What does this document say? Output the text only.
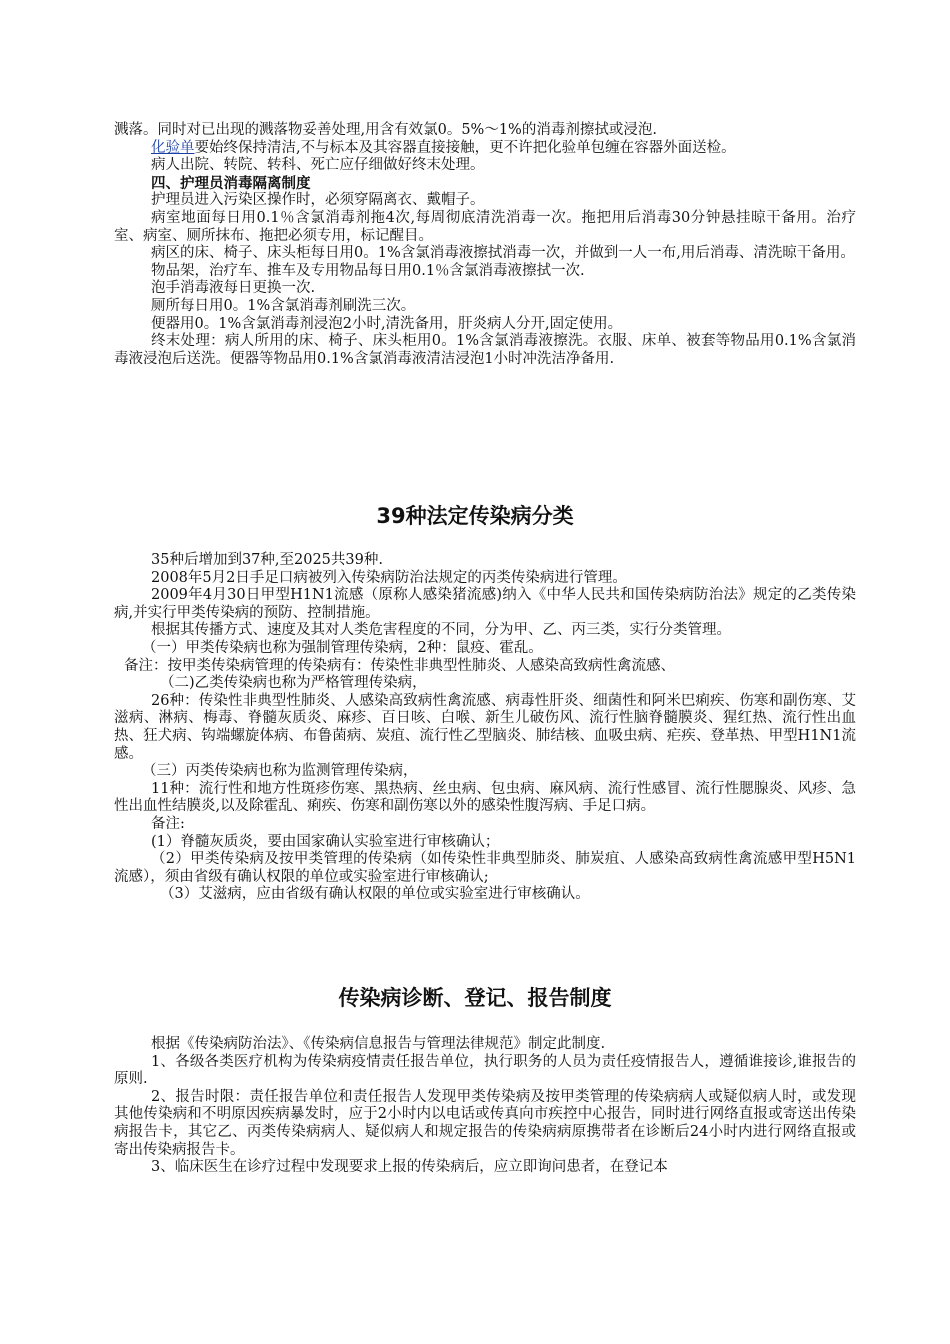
溅落。同时对已出现的溅落物妥善处理,用含有效氯0。5%～1%的消毒剂擦拭或浸泡.

化验单要始终保持清洁,不与标本及其容器直接接触，更不许把化验单包缠在容器外面送检。

病人出院、转院、转科、死亡应仔细做好终末处理。

四、护理员消毒隔离制度

护理员进入污染区操作时，必须穿隔离衣、戴帽子。

病室地面每日用0.1％含氯消毒剂拖4次,每周彻底清洗消毒一次。拖把用后消毒30分钟悬挂晾干备用。治疗室、病室、厕所抹布、拖把必须专用，标记醒目。

病区的床、椅子、床头柜每日用0。1%含氯消毒液擦拭消毒一次，并做到一人一布,用后消毒、清洗晾干备用。

物品架，治疗车、推车及专用物品每日用0.1％含氯消毒液擦拭一次.

泡手消毒液每日更换一次.

厕所每日用0。1%含氯消毒剂刷洗三次。

便器用0。1%含氯消毒剂浸泡2小时,清洗备用，肝炎病人分开,固定使用。

终末处理：病人所用的床、椅子、床头柜用0。1%含氯消毒液擦洗。衣服、床单、被套等物品用0.1%含氯消毒液浸泡后送洗。便器等物品用0.1%含氯消毒液清洁浸泡1小时冲洗洁净备用.

39种法定传染病分类

35种后增加到37种,至2025共39种.

2008年5月2日手足口病被列入传染病防治法规定的丙类传染病进行管理。

2009年4月30日甲型H1N1流感（原称人感染猪流感)纳入《中华人民共和国传染病防治法》规定的乙类传染病,并实行甲类传染病的预防、控制措施。

根据其传播方式、速度及其对人类危害程度的不同，分为甲、乙、丙三类，实行分类管理。

（一）甲类传染病也称为强制管理传染病，2种：鼠疫、霍乱。

备注：按甲类传染病管理的传染病有：传染性非典型性肺炎、人感染高致病性禽流感、

（二)乙类传染病也称为严格管理传染病，

26种：传染性非典型性肺炎、人感染高致病性禽流感、病毒性肝炎、细菌性和阿米巴痢疾、伤寒和副伤寒、艾滋病、淋病、梅毒、脊髓灰质炎、麻疹、百日咳、白喉、新生儿破伤风、流行性脑脊髓膜炎、猩红热、流行性出血热、狂犬病、钩端螺旋体病、布鲁菌病、炭疽、流行性乙型脑炎、肺结核、血吸虫病、疟疾、登革热、甲型H1N1流感。

（三）丙类传染病也称为监测管理传染病，

11种：流行性和地方性斑疹伤寒、黑热病、丝虫病、包虫病、麻风病、流行性感冒、流行性腮腺炎、风疹、急性出血性结膜炎,以及除霍乱、痢疾、伤寒和副伤寒以外的感染性腹泻病、手足口病。

备注:

(1）脊髓灰质炎，要由国家确认实验室进行审核确认；

（2）甲类传染病及按甲类管理的传染病（如传染性非典型肺炎、肺炭疽、人感染高致病性禽流感甲型H5N1流感），须由省级有确认权限的单位或实验室进行审核确认;

（3）艾滋病，应由省级有确认权限的单位或实验室进行审核确认。

传染病诊断、登记、报告制度

根据《传染病防治法》、《传染病信息报告与管理法律规范》制定此制度.

1、各级各类医疗机构为传染病疫情责任报告单位，执行职务的人员为责任疫情报告人，遵循谁接诊,谁报告的原则.

2、报告时限：责任报告单位和责任报告人发现甲类传染病及按甲类管理的传染病病人或疑似病人时，或发现其他传染病和不明原因疾病暴发时，应于2小时内以电话或传真向市疾控中心报告，同时进行网络直报或寄送出传染病报告卡，其它乙、丙类传染病病人、疑似病人和规定报告的传染病病原携带者在诊断后24小时内进行网络直报或寄出传染病报告卡。

3、临床医生在诊疗过程中发现要求上报的传染病后，应立即询问患者，在登记本
